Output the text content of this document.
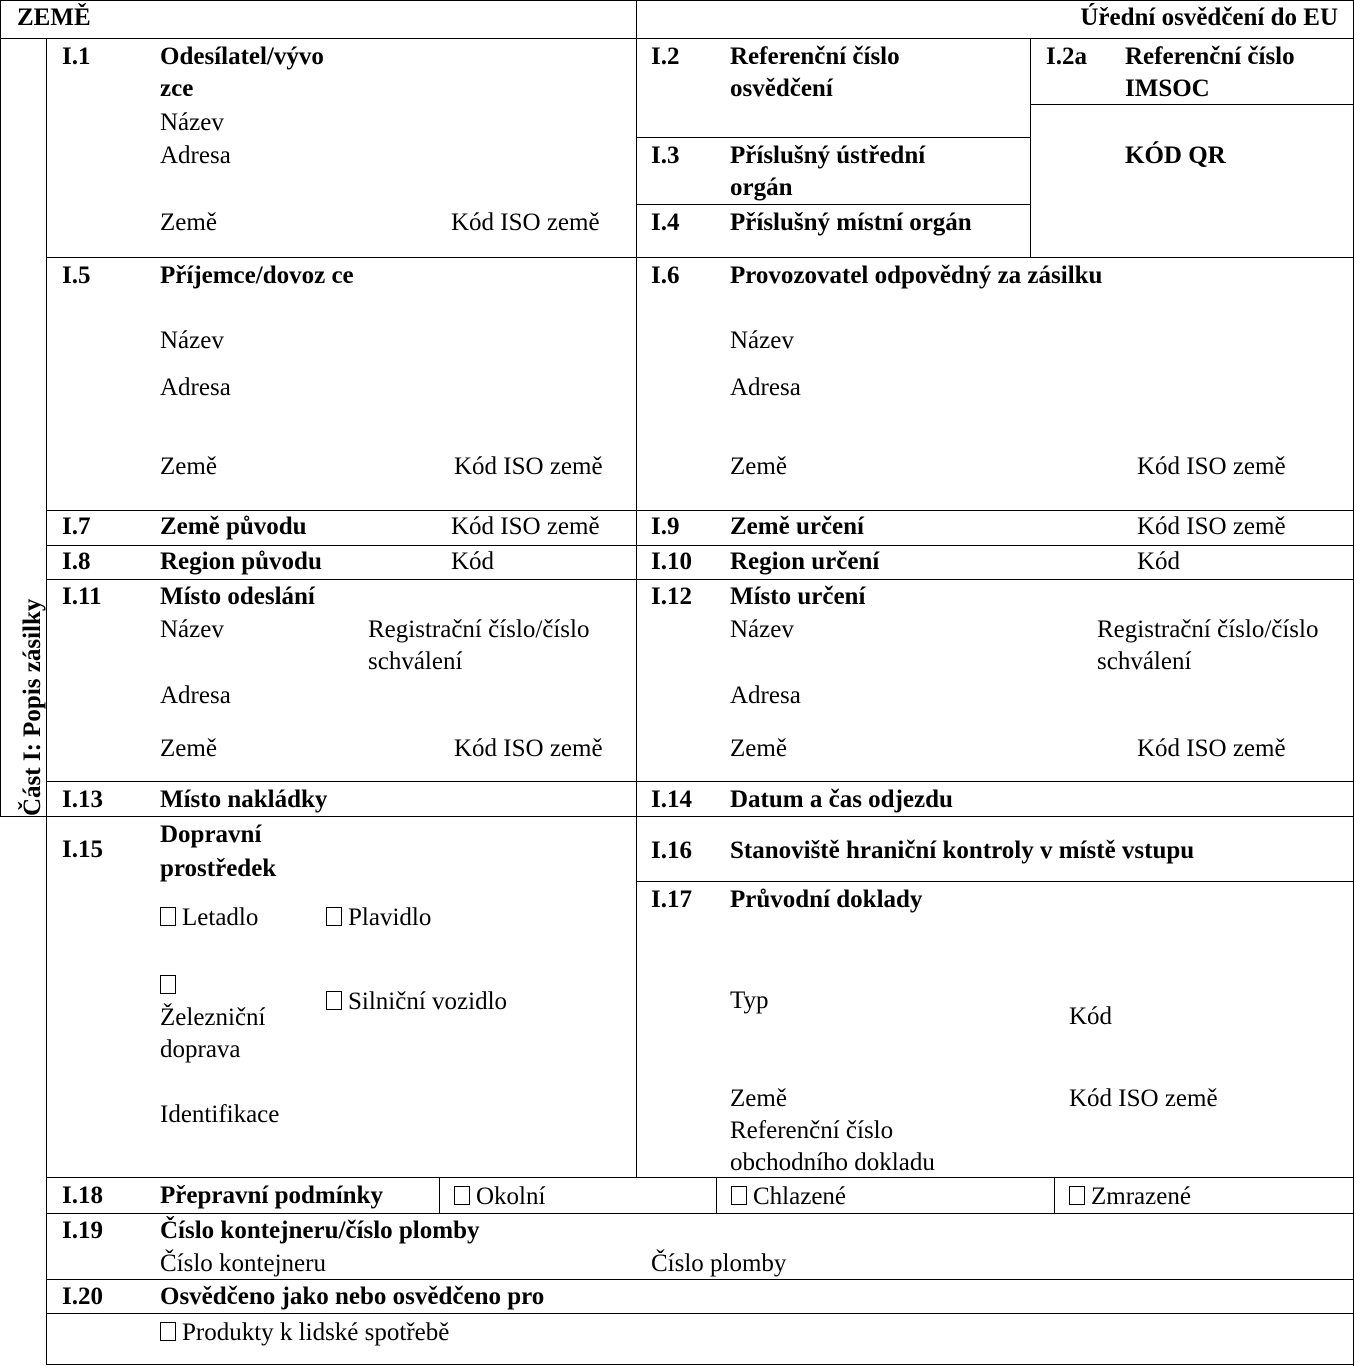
ZEMĚ	Úřední osvědčení do EU
Část I: Popis zásilky
I.1	Odesílatel/vývo zce
Název
Adresa
Země	Kód ISO země
I.2 Referenční číslo osvědčení
I.2a Referenční číslo IMSOC
KÓD QR
I.3 Příslušný ústřední orgán
I.4 Příslušný místní orgán
I.5	Příjemce/dovoz ce
Název
Adresa
Země	Kód ISO země
I.6 Provozovatel odpovědný za zásilku
Název
Adresa
Země	Kód ISO země
I.7	Země původu	Kód ISO země I.9 Země určení	Kód ISO země
I.8	Region původu	Kód	I.10 Region určení	Kód
I.11 Místo odeslání
Název	Registrační číslo/číslo schválení
Adresa
Země	Kód ISO země
I.12 Místo určení
Název	Registrační číslo/číslo schválení
Adresa
Země	Kód ISO země
I.13 Místo nakládky	I.14 Datum a čas odjezdu
I.15
Dopravní prostředek
Letadlo	Plavidlo
Železniční doprava
Silniční vozidlo
Identifikace
I.16 Stanoviště hraniční kontroly v místě vstupu
I.17 Průvodní doklady
Typ
Kód
Země	Kód ISO země
Referenční číslo obchodního dokladu
I.18 Přepravní podmínky	Okolní	Chlazené	Zmrazené
I.19 Číslo kontejneru/číslo plomby
Číslo kontejneru	Číslo plomby
I.20 Osvědčeno jako nebo osvědčeno pro
Produkty k lidské spotřebě
